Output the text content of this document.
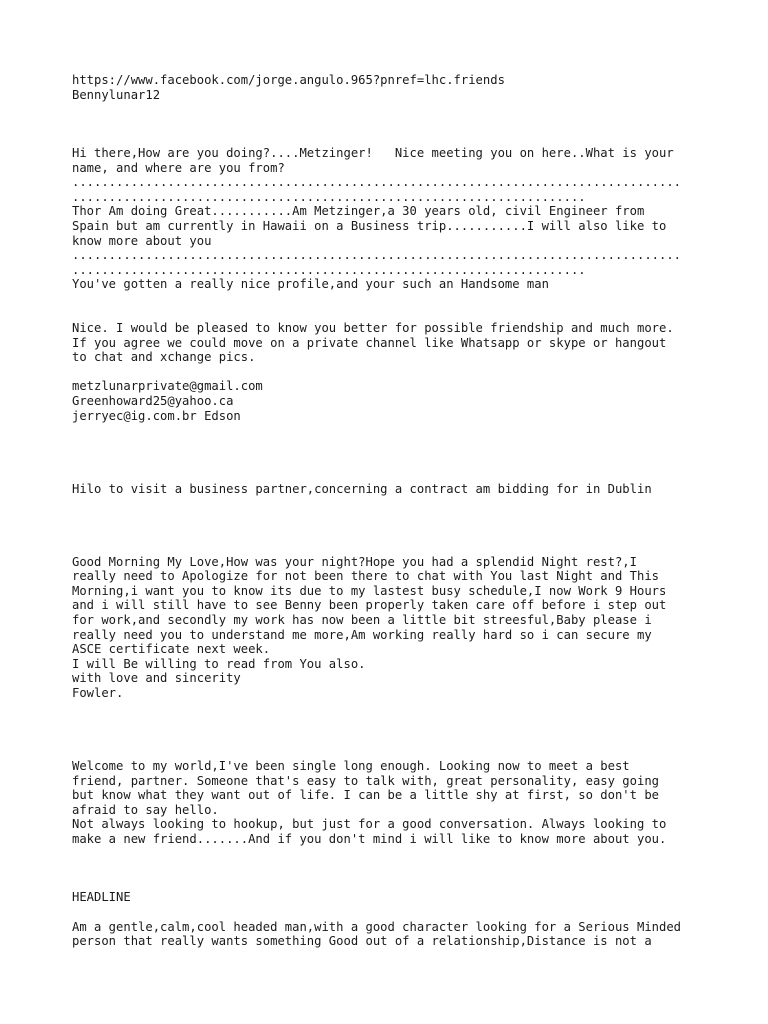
https://www.facebook.com/jorge.angulo.965?pnref=lhc.friends
Bennylunar12
Hi there,How are you doing?....Metzinger!   Nice meeting you on here..What is your
name, and where are you from?
...................................................................................
......................................................................
Thor Am doing Great...........Am Metzinger,a 30 years old, civil Engineer from
Spain but am currently in Hawaii on a Business trip...........I will also like to
know more about you
...................................................................................
......................................................................
You've gotten a really nice profile,and your such an Handsome man
Nice. I would be pleased to know you better for possible friendship and much more.
If you agree we could move on a private channel like Whatsapp or skype or hangout
to chat and xchange pics.
metzlunarprivate@gmail.com
Greenhoward25@yahoo.ca
jerryec@ig.com.br Edson
Hilo to visit a business partner,concerning a contract am bidding for in Dublin
Good Morning My Love,How was your night?Hope you had a splendid Night rest?,I
really need to Apologize for not been there to chat with You last Night and This
Morning,i want you to know its due to my lastest busy schedule,I now Work 9 Hours
and i will still have to see Benny been properly taken care off before i step out
for work,and secondly my work has now been a little bit streesful,Baby please i
really need you to understand me more,Am working really hard so i can secure my
ASCE certificate next week.
I will Be willing to read from You also.
with love and sincerity
Fowler.
Welcome to my world,I've been single long enough. Looking now to meet a best
friend, partner. Someone that's easy to talk with, great personality, easy going
but know what they want out of life. I can be a little shy at first, so don't be
afraid to say hello.
Not always looking to hookup, but just for a good conversation. Always looking to
make a new friend.......And if you don't mind i will like to know more about you.
HEADLINE
Am a gentle,calm,cool headed man,with a good character looking for a Serious Minded
person that really wants something Good out of a relationship,Distance is not a
